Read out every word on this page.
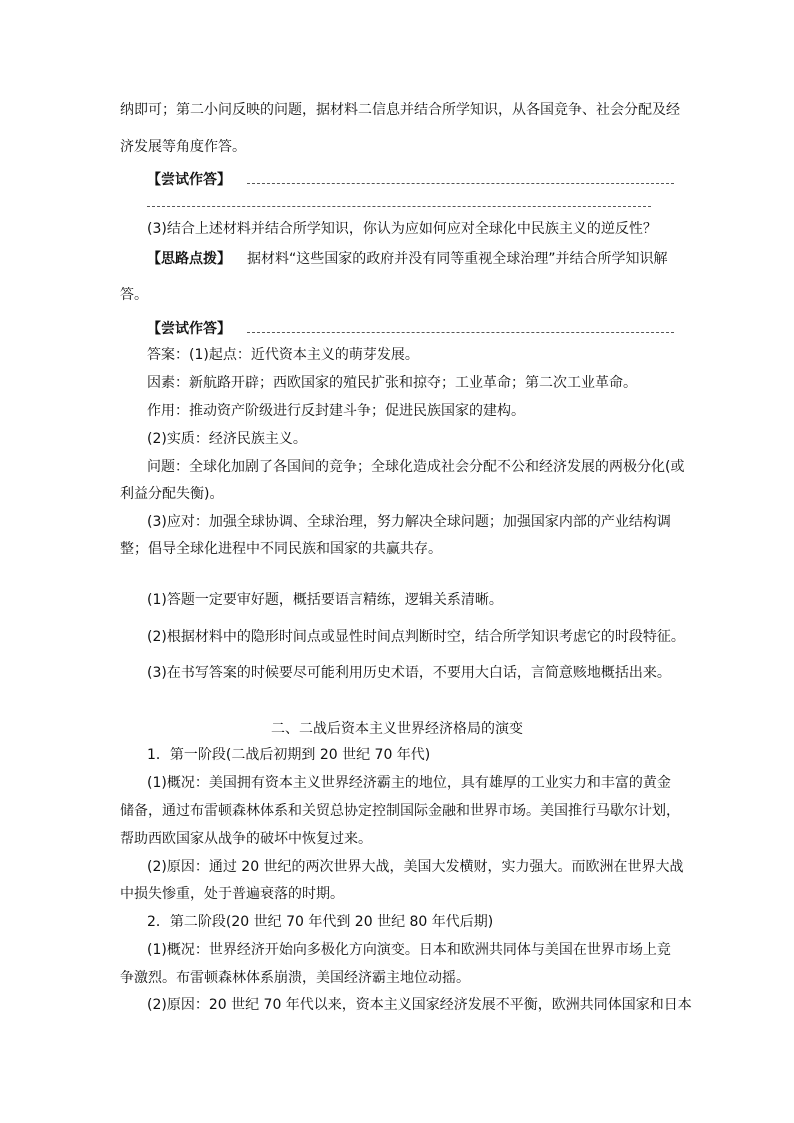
纳即可；第二小问反映的问题，据材料二信息并结合所学知识，从各国竞争、社会分配及经
济发展等角度作答。
【尝试作答】
(3)结合上述材料并结合所学知识，你认为应如何应对全球化中民族主义的逆反性？
【思路点拨】 据材料“这些国家的政府并没有同等重视全球治理”并结合所学知识解
答。
【尝试作答】
答案：(1)起点：近代资本主义的萌芽发展。
因素：新航路开辟；西欧国家的殖民扩张和掠夺；工业革命；第二次工业革命。
作用：推动资产阶级进行反封建斗争；促进民族国家的建构。
(2)实质：经济民族主义。
问题：全球化加剧了各国间的竞争；全球化造成社会分配不公和经济发展的两极分化(或
利益分配失衡)。
(3)应对：加强全球协调、全球治理，努力解决全球问题；加强国家内部的产业结构调
整；倡导全球化进程中不同民族和国家的共赢共存。
(1)答题一定要审好题，概括要语言精练，逻辑关系清晰。
(2)根据材料中的隐形时间点或显性时间点判断时空，结合所学知识考虑它的时段特征。
(3)在书写答案的时候要尽可能利用历史术语，不要用大白话，言简意赅地概括出来。
二、二战后资本主义世界经济格局的演变
1．第一阶段(二战后初期到 20 世纪 70 年代)
(1)概况：美国拥有资本主义世界经济霸主的地位，具有雄厚的工业实力和丰富的黄金
储备，通过布雷顿森林体系和关贸总协定控制国际金融和世界市场。美国推行马歇尔计划，
帮助西欧国家从战争的破坏中恢复过来。
(2)原因：通过 20 世纪的两次世界大战，美国大发横财，实力强大。而欧洲在世界大战
中损失惨重，处于普遍衰落的时期。
2．第二阶段(20 世纪 70 年代到 20 世纪 80 年代后期)
(1)概况：世界经济开始向多极化方向演变。日本和欧洲共同体与美国在世界市场上竞
争激烈。布雷顿森林体系崩溃，美国经济霸主地位动摇。
(2)原因：20 世纪 70 年代以来，资本主义国家经济发展不平衡，欧洲共同体国家和日本
